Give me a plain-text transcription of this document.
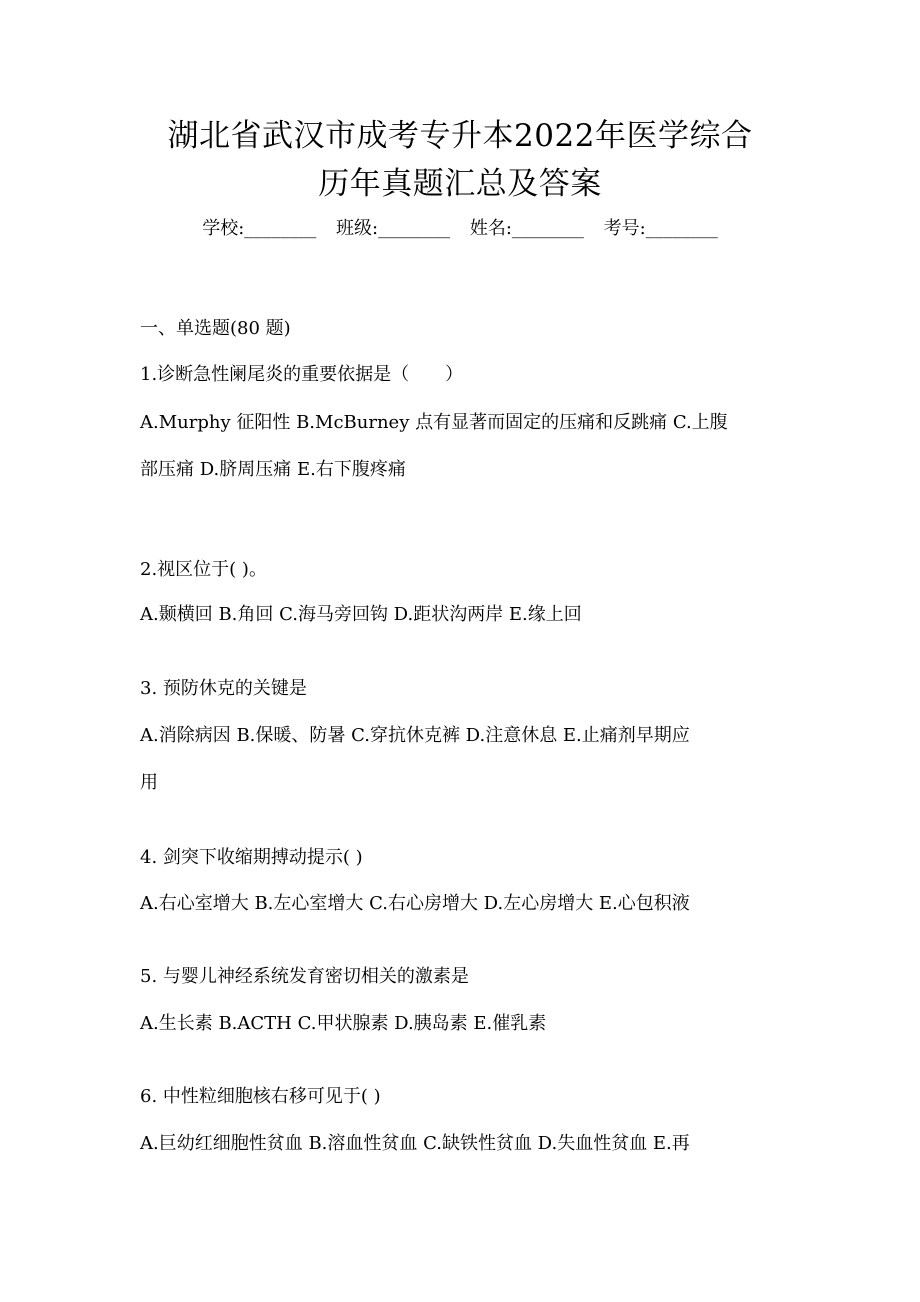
湖北省武汉市成考专升本2022年医学综合
历年真题汇总及答案
学校:________ 班级:________ 姓名:________ 考号:________
一、单选题(80 题)
1.诊断急性阑尾炎的重要依据是（　　）
A.Murphy 征阳性 B.McBurney 点有显著而固定的压痛和反跳痛 C.上腹
部压痛 D.脐周压痛 E.右下腹疼痛
2.视区位于( )。
A.颞横回 B.角回 C.海马旁回钩 D.距状沟两岸 E.缘上回
3. 预防休克的关键是
A.消除病因 B.保暖、防暑 C.穿抗休克裤 D.注意休息 E.止痛剂早期应
用
4. 剑突下收缩期搏动提示( )
A.右心室增大 B.左心室增大 C.右心房增大 D.左心房增大 E.心包积液
5. 与婴儿神经系统发育密切相关的激素是
A.生长素 B.ACTH C.甲状腺素 D.胰岛素 E.催乳素
6. 中性粒细胞核右移可见于( )
A.巨幼红细胞性贫血 B.溶血性贫血 C.缺铁性贫血 D.失血性贫血 E.再
